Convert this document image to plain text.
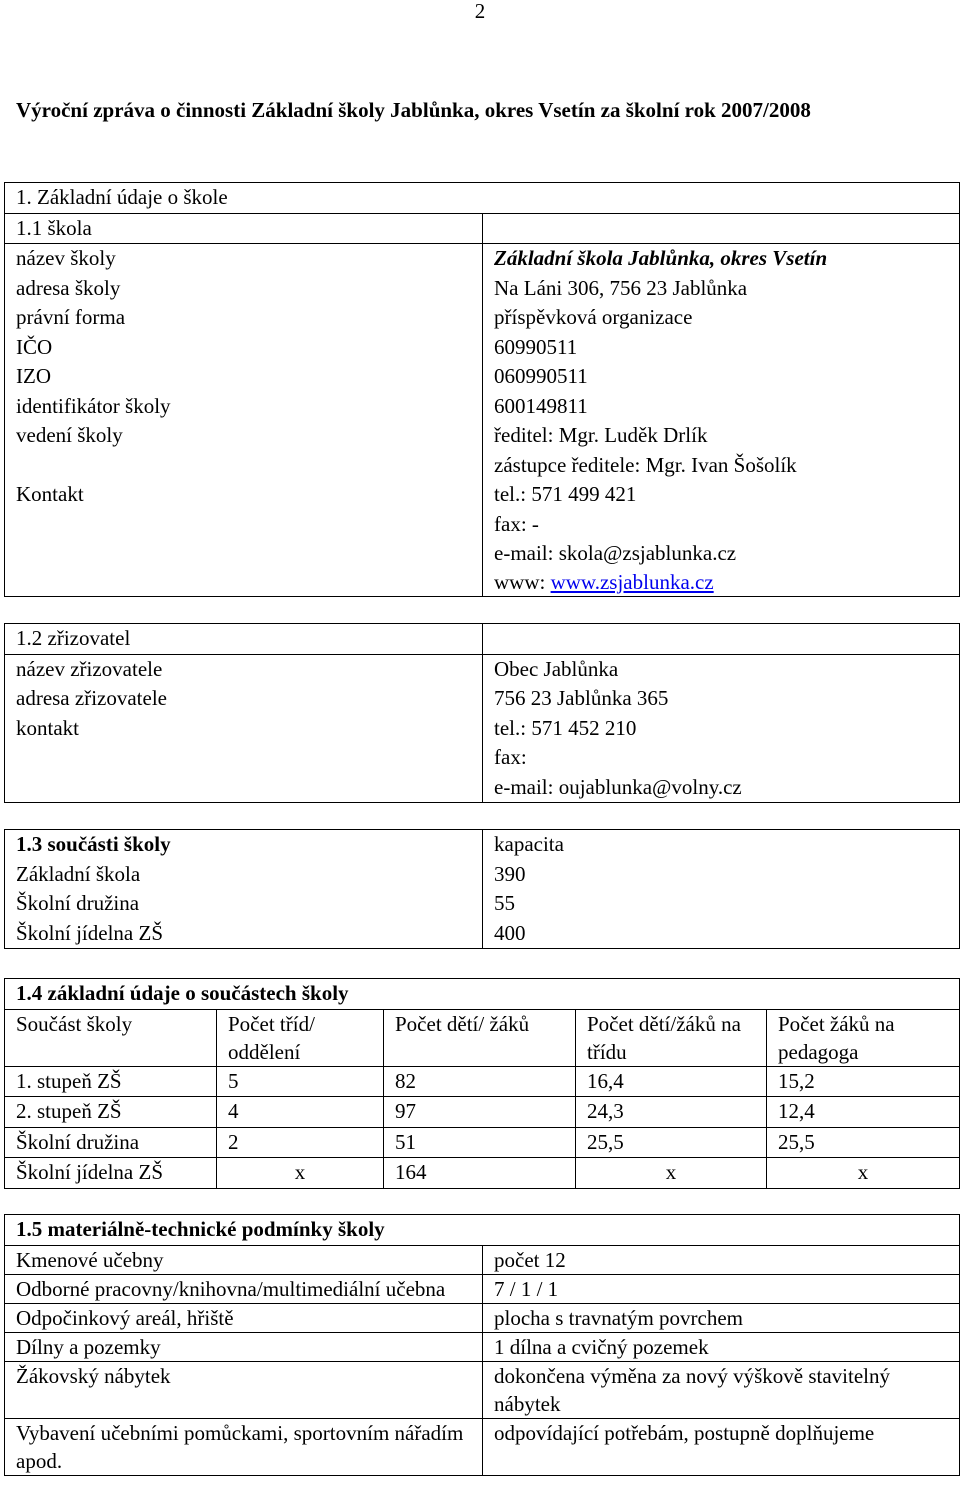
2
Výroční zpráva o činnosti Základní školy Jablůnka, okres Vsetín za školní rok 2007/2008
1. Základní údaje o škole	
1.1 škola	
název školy	Základní škola Jablůnka, okres Vsetín
adresa školy	Na Láni 306, 756 23 Jablůnka
právní forma	příspěvková organizace
IČO	60990511
IZO	060990511
identifikátor školy	600149811
vedení školy	ředitel: Mgr. Luděk Drlík
zástupce ředitele: Mgr. Ivan Šošolík

Kontakt	tel.: 571 499 421
fax: -
e-mail: skola@zsjablunka.cz
www: www.zsjablunka.cz
1.2 zřizovatel	
název zřizovatele	Obec Jablůnka
adresa zřizovatele	756 23 Jablůnka 365
kontakt	tel.: 571 452 210
fax:
e-mail: oujablunka@volny.cz
1.3 součásti školy	kapacita
Základní škola	390
Školní družina	55
Školní jídelna ZŠ	400
1.4 základní údaje o součástech školy				
Součást školy	Počet tříd/ oddělení	Počet dětí/ žáků	Počet dětí/žáků na třídu	Počet žáků na pedagoga
1. stupeň ZŠ	5	82	16,4	15,2
2. stupeň ZŠ	4	97	24,3	12,4
Školní družina	2	51	25,5	25,5
Školní jídelna ZŠ	x	164	x	x
1.5 materiálně-technické podmínky školy	
Kmenové učebny	počet 12
Odborné pracovny/knihovna/multimediální učebna	7 / 1 / 1
Odpočinkový areál, hřiště	plocha s travnatým povrchem
Dílny a pozemky	1 dílna a cvičný pozemek
Žákovský nábytek	dokončena výměna za nový výškově stavitelný nábytek
Vybavení učebními pomůckami, sportovním nářadím apod.	odpovídající potřebám, postupně doplňujeme
